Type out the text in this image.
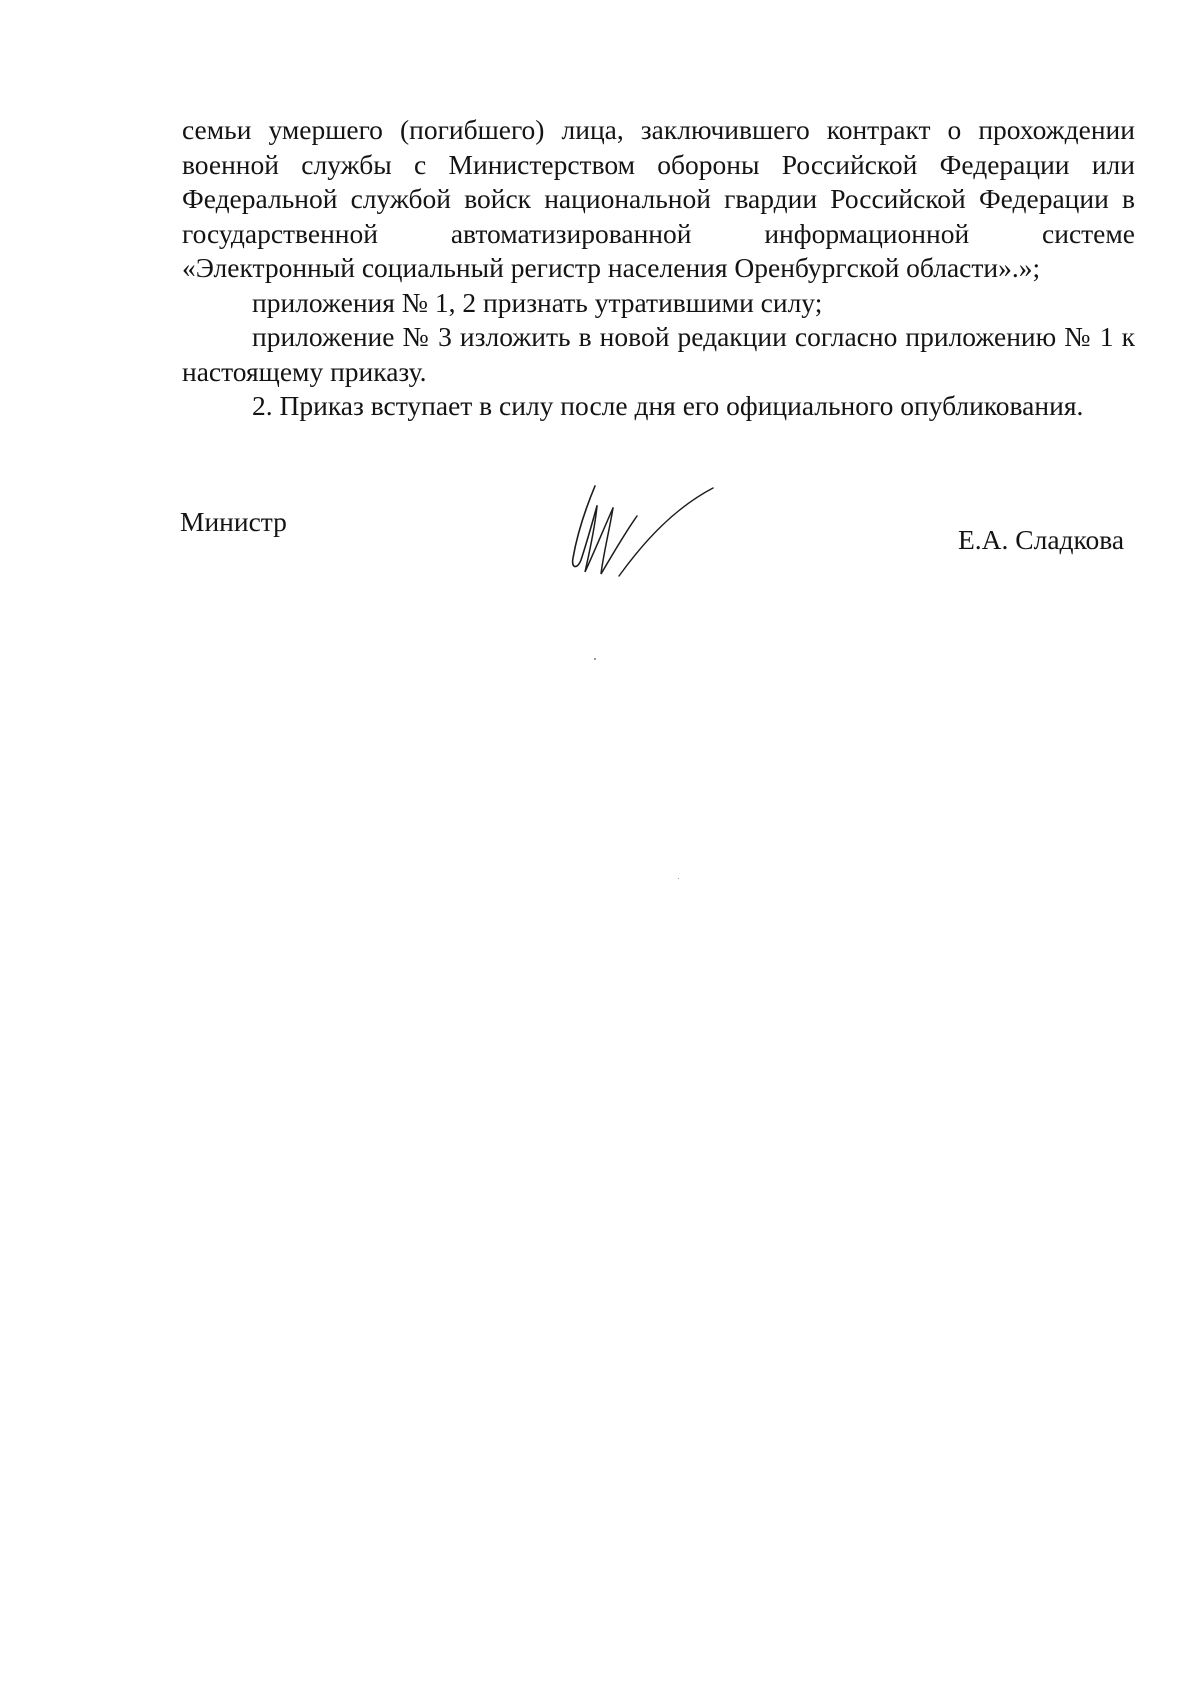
семьи умершего (погибшего) лица, заключившего контракт о прохождении
военной службы с Министерством обороны Российской Федерации или
Федеральной службой войск национальной гвардии Российской Федерации в
государственной автоматизированной информационной системе
«Электронный социальный регистр населения Оренбургской области».»;

приложения № 1, 2 признать утратившими силу;

приложение № 3 изложить в новой редакции согласно приложению № 1 к настоящему приказу.

2. Приказ вступает в силу после дня его официального опубликования.

Министр

Е.А. Сладкова
